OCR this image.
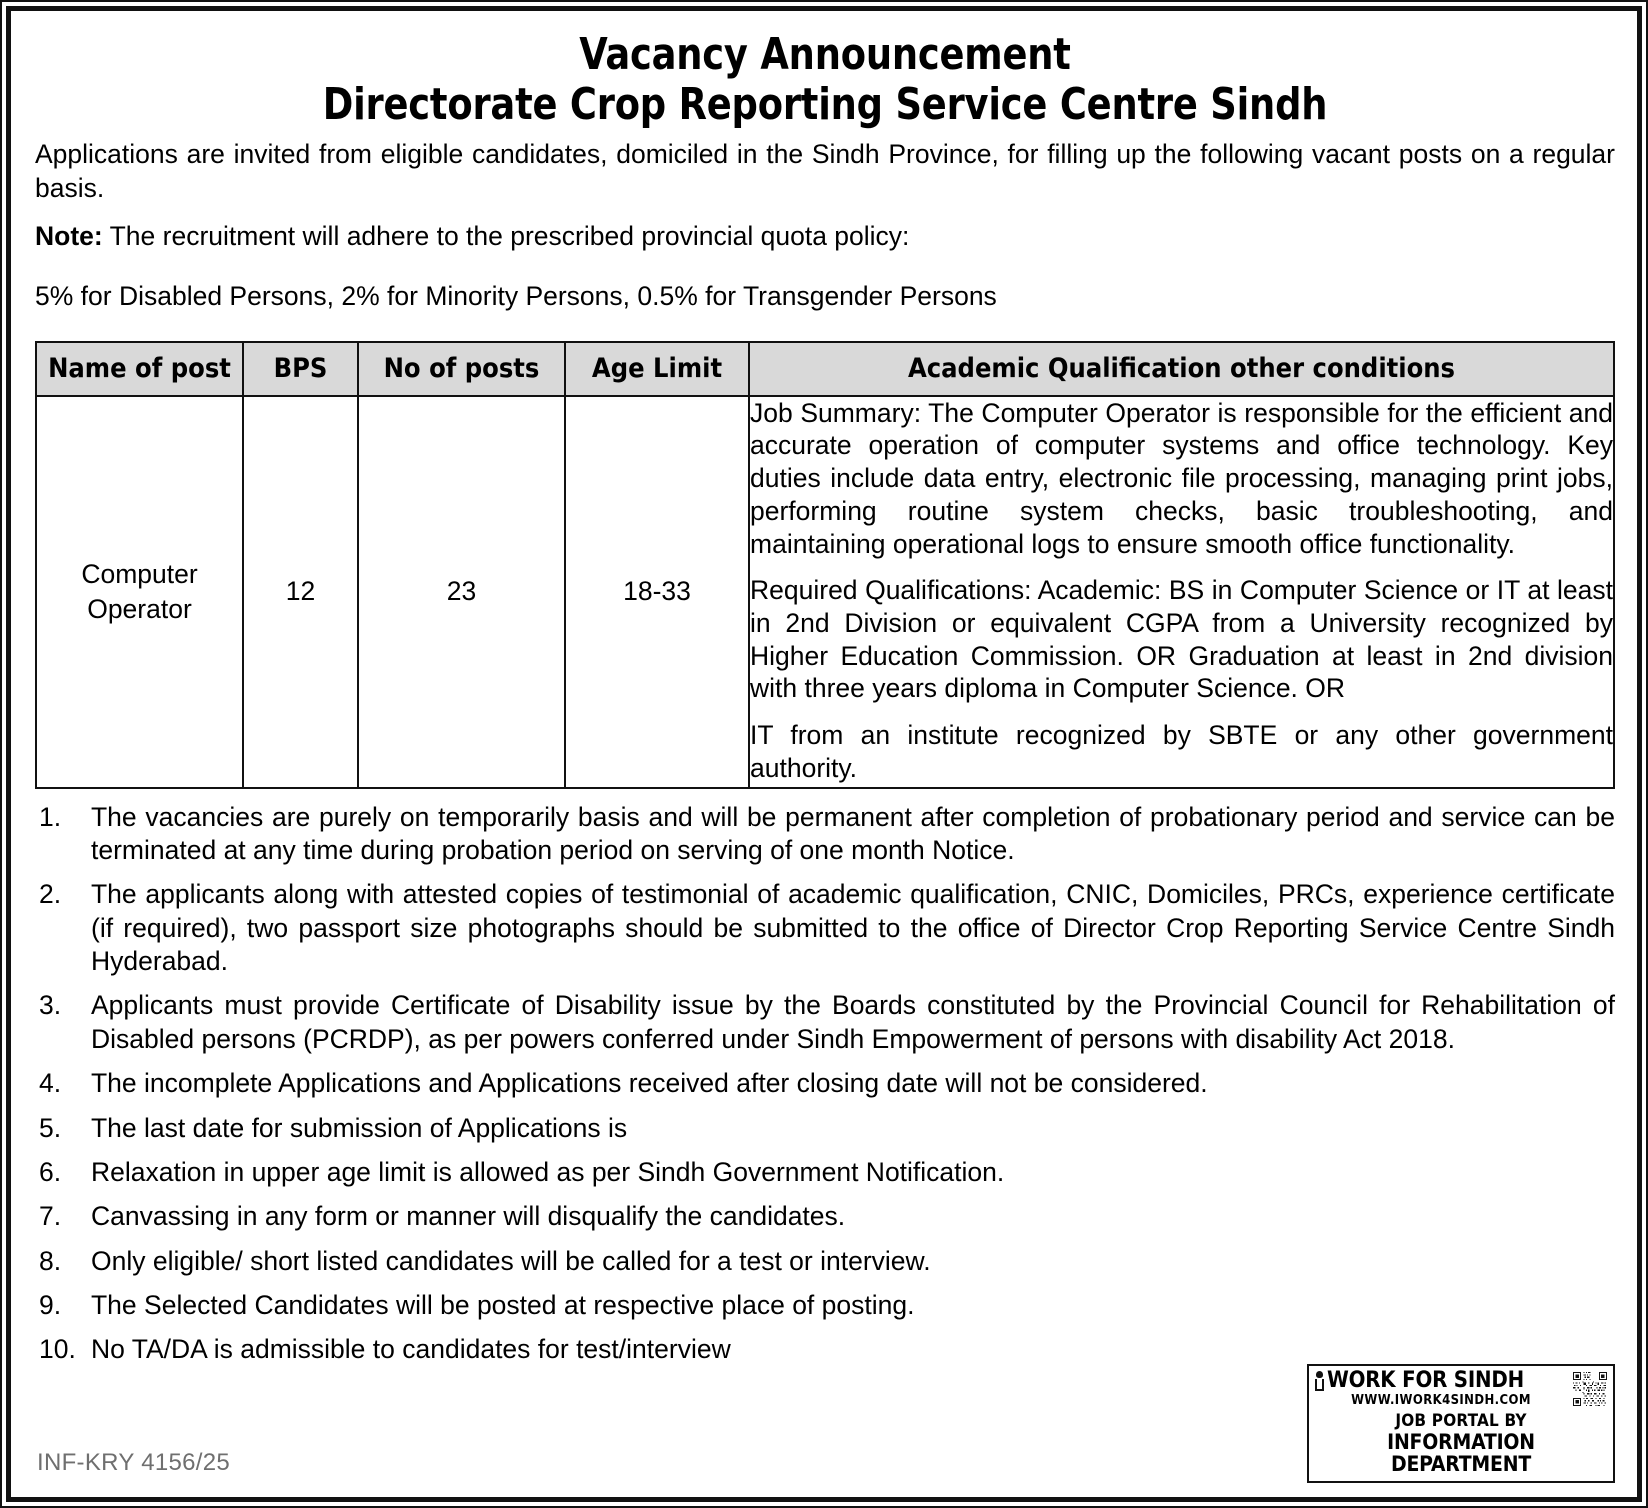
Vacancy Announcement
Directorate Crop Reporting Service Centre Sindh

Applications are invited from eligible candidates, domiciled in the Sindh Province, for filling up the following vacant posts on a regular basis.

Note: The recruitment will adhere to the prescribed provincial quota policy:

5% for Disabled Persons, 2% for Minority Persons, 0.5% for Transgender Persons

Name of post	BPS	No of posts	Age Limit	Academic Qualification other conditions
Computer Operator	12	23	18-33	Job Summary: The Computer Operator is responsible for the efficient and accurate operation of computer systems and office technology. Key duties include data entry, electronic file processing, managing print jobs, performing routine system checks, basic troubleshooting, and maintaining operational logs to ensure smooth office functionality.

Required Qualifications: Academic: BS in Computer Science or IT at least in 2nd Division or equivalent CGPA from a University recognized by Higher Education Commission. OR Graduation at least in 2nd division with three years diploma in Computer Science. OR

IT from an institute recognized by SBTE or any other government authority.

1.	The vacancies are purely on temporarily basis and will be permanent after completion of probationary period and service can be terminated at any time during probation period on serving of one month Notice.
2.	The applicants along with attested copies of testimonial of academic qualification, CNIC, Domiciles, PRCs, experience certificate (if required), two passport size photographs should be submitted to the office of Director Crop Reporting Service Centre Sindh Hyderabad.
3.	Applicants must provide Certificate of Disability issue by the Boards constituted by the Provincial Council for Rehabilitation of Disabled persons (PCRDP), as per powers conferred under Sindh Empowerment of persons with disability Act 2018.
4.	The incomplete Applications and Applications received after closing date will not be considered.
5.	The last date for submission of Applications is
6.	Relaxation in upper age limit is allowed as per Sindh Government Notification.
7.	Canvassing in any form or manner will disqualify the candidates.
8.	Only eligible/ short listed candidates will be called for a test or interview.
9.	The Selected Candidates will be posted at respective place of posting.
10. No TA/DA is admissible to candidates for test/interview
INF-KRY 4156/25
WORK FOR SINDH
WWW.IWORK4SINDH.COM
JOB PORTAL BY
INFORMATION DEPARTMENT
